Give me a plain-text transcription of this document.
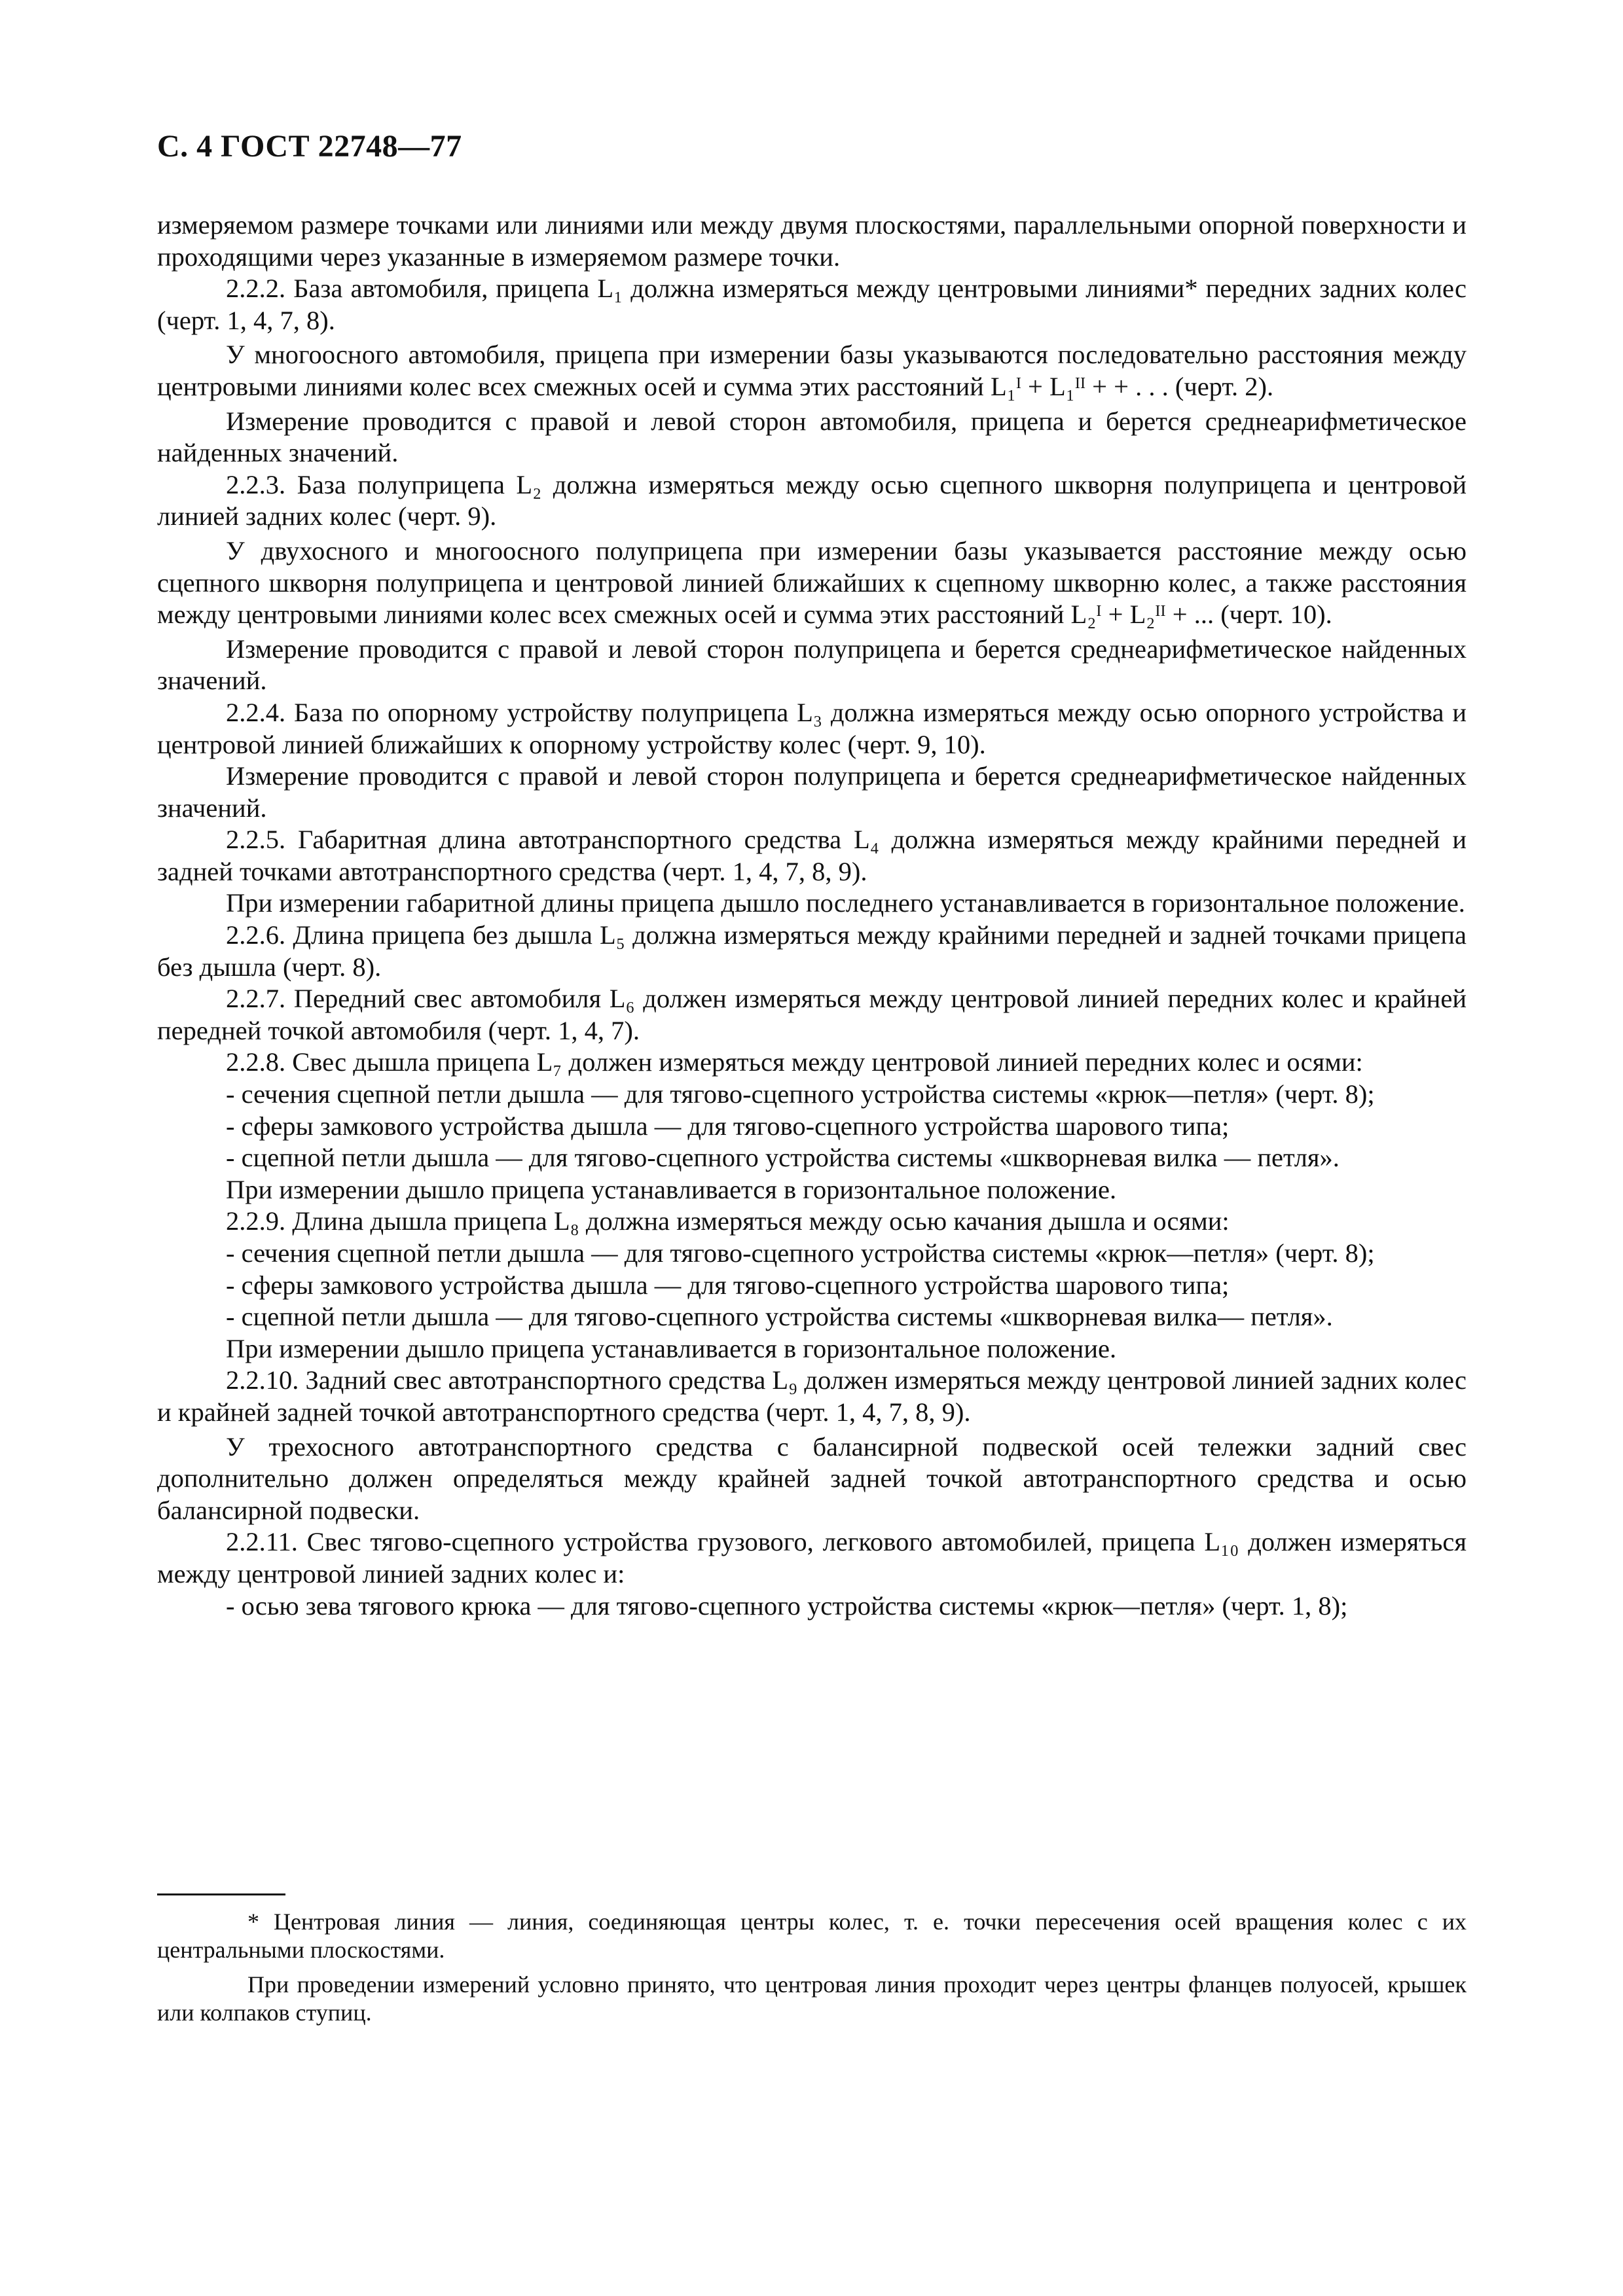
С. 4 ГОСТ 22748—77

измеряемом размере точками или линиями или между двумя плоскостями, параллельными опорной поверхности и проходящими через указанные в измеряемом размере точки.

2.2.2. База автомобиля, прицепа L₁ должна измеряться между центровыми линиями* передних задних колес (черт. 1, 4, 7, 8).

У многоосного автомобиля, прицепа при измерении базы указываются последовательно расстояния между центровыми линиями колес всех смежных осей и сумма этих расстояний L₁ᴵ + L₁ᴵᴵ + + . . . (черт. 2).

Измерение проводится с правой и левой сторон автомобиля, прицепа и берется среднеарифметическое найденных значений.

2.2.3. База полуприцепа L₂ должна измеряться между осью сцепного шкворня полуприцепа и центровой линией задних колес (черт. 9).

У двухосного и многоосного полуприцепа при измерении базы указывается расстояние между осью сцепного шкворня полуприцепа и центровой линией ближайших к сцепному шкворню колес, а также расстояния между центровыми линиями колес всех смежных осей и сумма этих расстояний L₂ᴵ + L₂ᴵᴵ + ... (черт. 10).

Измерение проводится с правой и левой сторон полуприцепа и берется среднеарифметическое найденных значений.

2.2.4. База по опорному устройству полуприцепа L₃ должна измеряться между осью опорного устройства и центровой линией ближайших к опорному устройству колес (черт. 9, 10).

Измерение проводится с правой и левой сторон полуприцепа и берется среднеарифметическое найденных значений.

2.2.5. Габаритная длина автотранспортного средства L₄ должна измеряться между крайними передней и задней точками автотранспортного средства (черт. 1, 4, 7, 8, 9).

При измерении габаритной длины прицепа дышло последнего устанавливается в горизонтальное положение.

2.2.6. Длина прицепа без дышла L₅ должна измеряться между крайними передней и задней точками прицепа без дышла (черт. 8).

2.2.7. Передний свес автомобиля L₆ должен измеряться между центровой линией передних колес и крайней передней точкой автомобиля (черт. 1, 4, 7).

2.2.8. Свес дышла прицепа L₇ должен измеряться между центровой линией передних колес и осями:

- сечения сцепной петли дышла — для тягово-сцепного устройства системы «крюк—петля» (черт. 8);

- сферы замкового устройства дышла — для тягово-сцепного устройства шарового типа;

- сцепной петли дышла — для тягово-сцепного устройства системы «шкворневая вилка — петля».

При измерении дышло прицепа устанавливается в горизонтальное положение.

2.2.9. Длина дышла прицепа L₈ должна измеряться между осью качания дышла и осями:

- сечения сцепной петли дышла — для тягово-сцепного устройства системы «крюк—петля» (черт. 8);

- сферы замкового устройства дышла — для тягово-сцепного устройства шарового типа;

- сцепной петли дышла — для тягово-сцепного устройства системы «шкворневая вилка— петля».

При измерении дышло прицепа устанавливается в горизонтальное положение.

2.2.10. Задний свес автотранспортного средства L₉ должен измеряться между центровой линией задних колес и крайней задней точкой автотранспортного средства (черт. 1, 4, 7, 8, 9).

У трехосного автотранспортного средства с балансирной подвеской осей тележки задний свес дополнительно должен определяться между крайней задней точкой автотранспортного средства и осью балансирной подвески.

2.2.11. Свес тягово-сцепного устройства грузового, легкового автомобилей, прицепа L₁₀ должен измеряться между центровой линией задних колес и:

- осью зева тягового крюка — для тягово-сцепного устройства системы «крюк—петля» (черт. 1, 8);

* Центровая линия — линия, соединяющая центры колес, т. е. точки пересечения осей вращения колес с их центральными плоскостями.

При проведении измерений условно принято, что центровая линия проходит через центры фланцев полуосей, крышек или колпаков ступиц.
